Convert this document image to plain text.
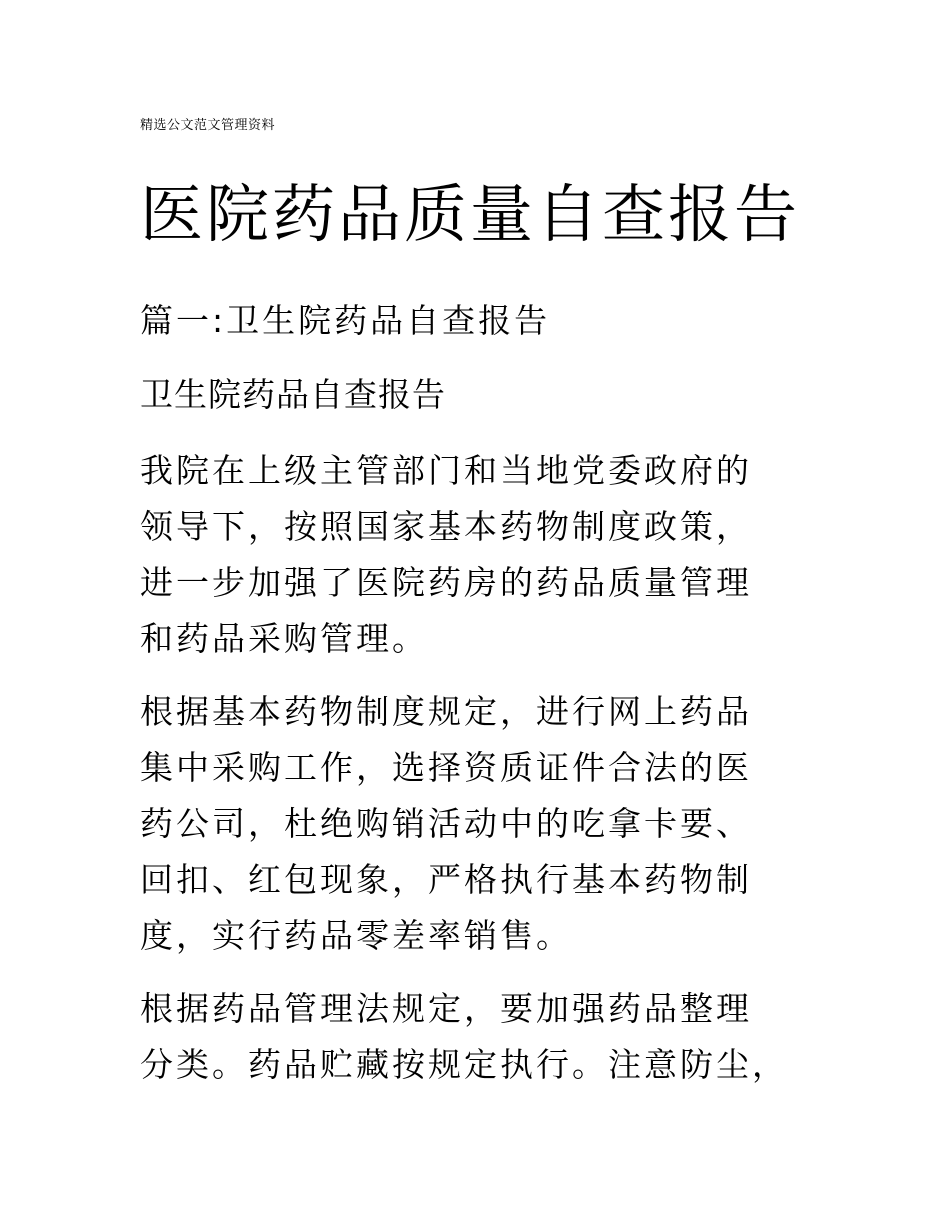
精选公文范文管理资料
医院药品质量自查报告
篇一:卫生院药品自查报告
卫生院药品自查报告

我院在上级主管部门和当地党委政府的
领导下，按照国家基本药物制度政策，
进一步加强了医院药房的药品质量管理
和药品采购管理。

根据基本药物制度规定，进行网上药品
集中采购工作，选择资质证件合法的医
药公司，杜绝购销活动中的吃拿卡要、
回扣、红包现象，严格执行基本药物制
度，实行药品零差率销售。

根据药品管理法规定，要加强药品整理
分类。药品贮藏按规定执行。注意防尘，
